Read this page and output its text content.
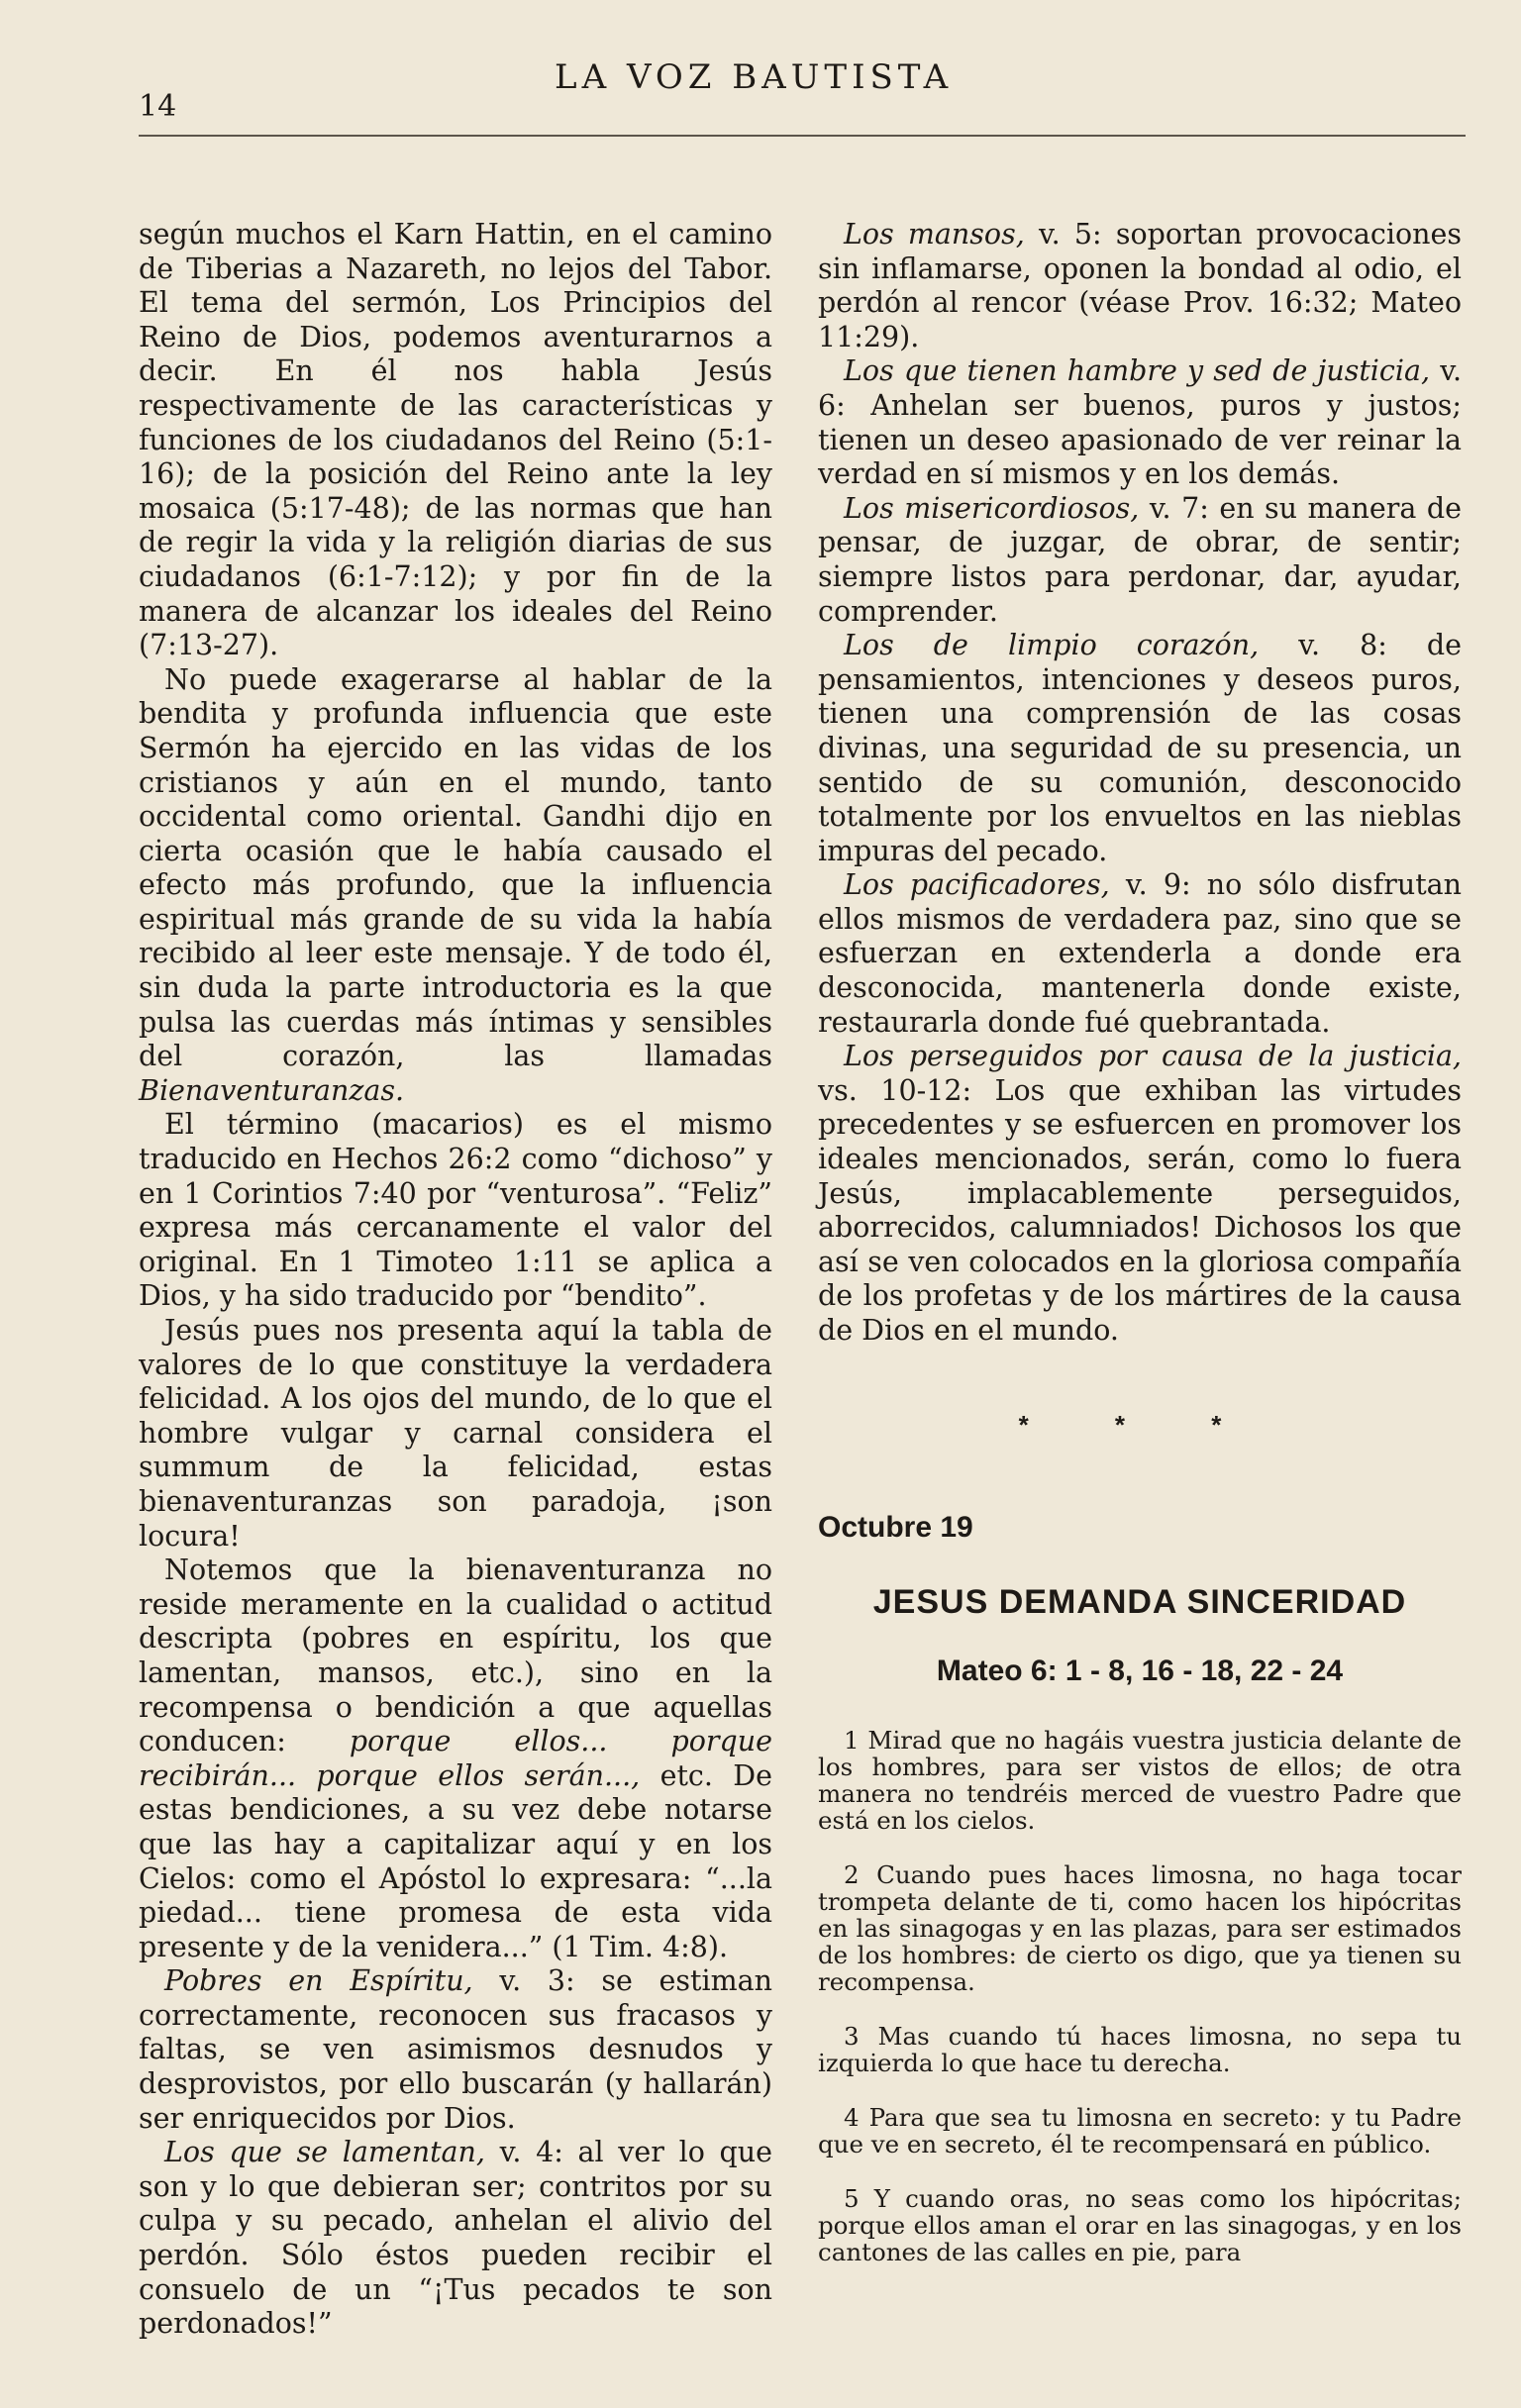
14
LA VOZ BAUTISTA

según muchos el Karn Hattin, en el camino de Tiberias a Nazareth, no lejos del Tabor. El tema del sermón, Los Principios del Reino de Dios, podemos aventurarnos a decir. En él nos habla Jesús respectivamente de las características y funciones de los ciudadanos del Reino (5:1-16); de la posición del Reino ante la ley mosaica (5:17-48); de las normas que han de regir la vida y la religión diarias de sus ciudadanos (6:1-7:12); y por fin de la manera de alcanzar los ideales del Reino (7:13-27).

No puede exagerarse al hablar de la bendita y profunda influencia que este Sermón ha ejercido en las vidas de los cristianos y aún en el mundo, tanto occidental como oriental. Gandhi dijo en cierta ocasión que le había causado el efecto más profundo, que la influencia espiritual más grande de su vida la había recibido al leer este mensaje. Y de todo él, sin duda la parte introductoria es la que pulsa las cuerdas más íntimas y sensibles del corazón, las llamadas Bienaventuranzas.

El término (macarios) es el mismo traducido en Hechos 26:2 como “dichoso” y en 1 Corintios 7:40 por “venturosa”. “Feliz” expresa más cercanamente el valor del original. En 1 Timoteo 1:11 se aplica a Dios, y ha sido traducido por “bendito”.

Jesús pues nos presenta aquí la tabla de valores de lo que constituye la verdadera felicidad. A los ojos del mundo, de lo que el hombre vulgar y carnal considera el summum de la felicidad, estas bienaventuranzas son paradoja, ¡son locura!

Notemos que la bienaventuranza no reside meramente en la cualidad o actitud descripta (pobres en espíritu, los que lamentan, mansos, etc.), sino en la recompensa o bendición a que aquellas conducen: porque ellos... porque recibirán... porque ellos serán..., etc. De estas bendiciones, a su vez debe notarse que las hay a capitalizar aquí y en los Cielos: como el Apóstol lo expresara: “...la piedad... tiene promesa de esta vida presente y de la venidera...” (1 Tim. 4:8).

Pobres en Espíritu, v. 3: se estiman correctamente, reconocen sus fracasos y faltas, se ven asimismos desnudos y desprovistos, por ello buscarán (y hallarán) ser enriquecidos por Dios.

Los que se lamentan, v. 4: al ver lo que son y lo que debieran ser; contritos por su culpa y su pecado, anhelan el alivio del perdón. Sólo éstos pueden recibir el consuelo de un “¡Tus pecados te son perdonados!”

Los mansos, v. 5: soportan provocaciones sin inflamarse, oponen la bondad al odio, el perdón al rencor (véase Prov. 16:32; Mateo 11:29).

Los que tienen hambre y sed de justicia, v. 6: Anhelan ser buenos, puros y justos; tienen un deseo apasionado de ver reinar la verdad en sí mismos y en los demás.

Los misericordiosos, v. 7: en su manera de pensar, de juzgar, de obrar, de sentir; siempre listos para perdonar, dar, ayudar, comprender.

Los de limpio corazón, v. 8: de pensamientos, intenciones y deseos puros, tienen una comprensión de las cosas divinas, una seguridad de su presencia, un sentido de su comunión, desconocido totalmente por los envueltos en las nieblas impuras del pecado.

Los pacificadores, v. 9: no sólo disfrutan ellos mismos de verdadera paz, sino que se esfuerzan en extenderla a donde era desconocida, mantenerla donde existe, restaurarla donde fué quebrantada.

Los perseguidos por causa de la justicia, vs. 10-12: Los que exhiban las virtudes precedentes y se esfuercen en promover los ideales mencionados, serán, como lo fuera Jesús, implacablemente perseguidos, aborrecidos, calumniados! Dichosos los que así se ven colocados en la gloriosa compañía de los profetas y de los mártires de la causa de Dios en el mundo.

* * *
Octubre 19
JESUS DEMANDA SINCERIDAD
Mateo 6: 1 - 8, 16 - 18, 22 - 24

1 Mirad que no hagáis vuestra justicia delante de los hombres, para ser vistos de ellos; de otra manera no tendréis merced de vuestro Padre que está en los cielos.

2 Cuando pues haces limosna, no haga tocar trompeta delante de ti, como hacen los hipócritas en las sinagogas y en las plazas, para ser estimados de los hombres: de cierto os digo, que ya tienen su recompensa.

3 Mas cuando tú haces limosna, no sepa tu izquierda lo que hace tu derecha.

4 Para que sea tu limosna en secreto: y tu Padre que ve en secreto, él te recompensará en público.

5 Y cuando oras, no seas como los hipócritas; porque ellos aman el orar en las sinagogas, y en los cantones de las calles en pie, para
